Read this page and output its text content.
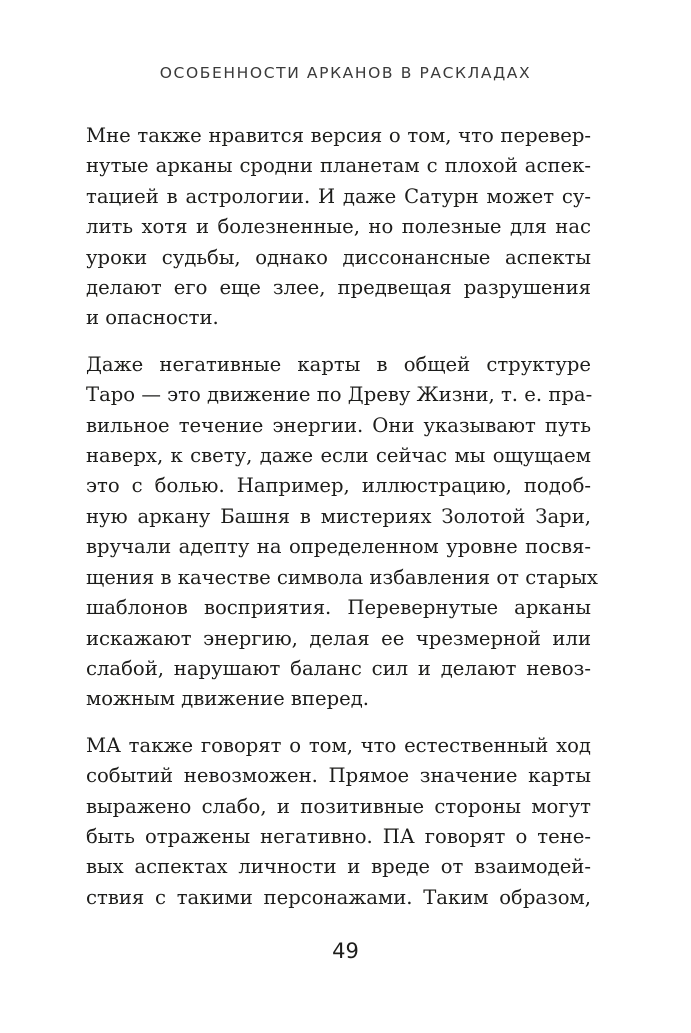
ОСОБЕННОСТИ АРКАНОВ В РАСКЛАДАХ

Мне также нравится версия о том, что перевер-
нутые арканы сродни планетам с плохой аспек-
тацией в астрологии. И даже Сатурн может су-
лить хотя и болезненные, но полезные для нас
уроки судьбы, однако диссонансные аспекты
делают его еще злее, предвещая разрушения
и опасности.

Даже негативные карты в общей структуре
Таро — это движение по Древу Жизни, т. е. пра-
вильное течение энергии. Они указывают путь
наверх, к свету, даже если сейчас мы ощущаем
это с болью. Например, иллюстрацию, подоб-
ную аркану Башня в мистериях Золотой Зари,
вручали адепту на определенном уровне посвя-
щения в качестве символа избавления от старых
шаблонов восприятия. Перевернутые арканы
искажают энергию, делая ее чрезмерной или
слабой, нарушают баланс сил и делают невоз-
можным движение вперед.

МА также говорят о том, что естественный ход
событий невозможен. Прямое значение карты
выражено слабо, и позитивные стороны могут
быть отражены негативно. ПА говорят о тене-
вых аспектах личности и вреде от взаимодей-
ствия с такими персонажами. Таким образом,

49
